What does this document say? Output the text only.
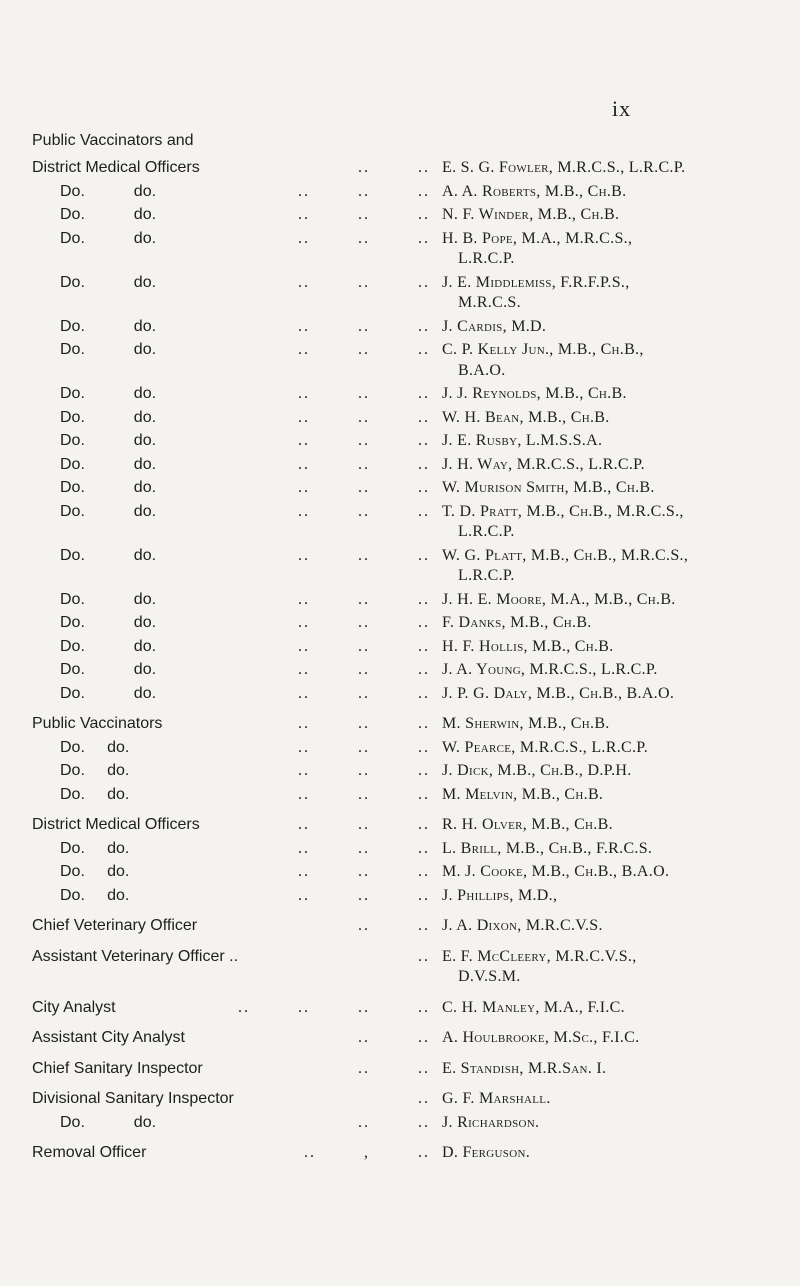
ix
Public Vaccinators and
District Medical Officers	..        .. E. S. G. Fowler, M.R.C.S., L.R.C.P.
Do.           do.	..        ..        .. A. A. Roberts, M.B., Ch.B.
Do.           do.	..        ..        .. N. F. Winder, M.B., Ch.B.
Do.           do.	..        ..        .. H. B. Pope, M.A., M.R.C.S.,
L.R.C.P.
Do.           do.	..        ..        .. J. E. Middlemiss, F.R.F.P.S.,
M.R.C.S.
Do.           do.	..        ..        .. J. Cardis, M.D.
Do.           do.	..        ..        .. C. P. Kelly Jun., M.B., Ch.B.,
B.A.O.
Do.           do.	..        ..        .. J. J. Reynolds, M.B., Ch.B.
Do.           do.	..        ..        .. W. H. Bean, M.B., Ch.B.
Do.           do.	..        ..        .. J. E. Rusby, L.M.S.S.A.
Do.           do.	..        ..        .. J. H. Way, M.R.C.S., L.R.C.P.
Do.           do.	..        ..        .. W. Murison Smith, M.B., Ch.B.
Do.           do.	..        ..        .. T. D. Pratt, M.B., Ch.B., M.R.C.S.,
L.R.C.P.
Do.           do.	..        ..        .. W. G. Platt, M.B., Ch.B., M.R.C.S.,
L.R.C.P.
Do.           do.	..        ..        .. J. H. E. Moore, M.A., M.B., Ch.B.
Do.           do.	..        ..        .. F. Danks, M.B., Ch.B.
Do.           do.	..        ..        .. H. F. Hollis, M.B., Ch.B.
Do.           do.	..        ..        .. J. A. Young, M.R.C.S., L.R.C.P.
Do.           do.	..        ..        .. J. P. G. Daly, M.B., Ch.B., B.A.O.
Public Vaccinators	..        ..        .. M. Sherwin, M.B., Ch.B.
Do.     do.	..        ..        .. W. Pearce, M.R.C.S., L.R.C.P.
Do.     do.	..        ..        .. J. Dick, M.B., Ch.B., D.P.H.
Do.     do.	..        ..        .. M. Melvin, M.B., Ch.B.
District Medical Officers	..        ..        .. R. H. Olver, M.B., Ch.B.
Do.     do.	..        ..        .. L. Brill, M.B., Ch.B., F.R.C.S.
Do.     do.	..        ..        .. M. J. Cooke, M.B., Ch.B., B.A.O.
Do.     do.	..        ..        .. J. Phillips, M.D.,
Chief Veterinary Officer	..        .. J. A. Dixon, M.R.C.V.S.
Assistant Veterinary Officer ..	.. E. F. McCleery, M.R.C.V.S.,
D.V.S.M.
City Analyst	..        ..        ..        .. C. H. Manley, M.A., F.I.C.
Assistant City Analyst	..        .. A. Houlbrooke, M.Sc., F.I.C.
Chief Sanitary Inspector	..        .. E. Standish, M.R.San. I.
Divisional Sanitary Inspector	.. G. F. Marshall.
Do.           do.	..        .. J. Richardson.
Removal Officer	..        ,        .. D. Ferguson.
